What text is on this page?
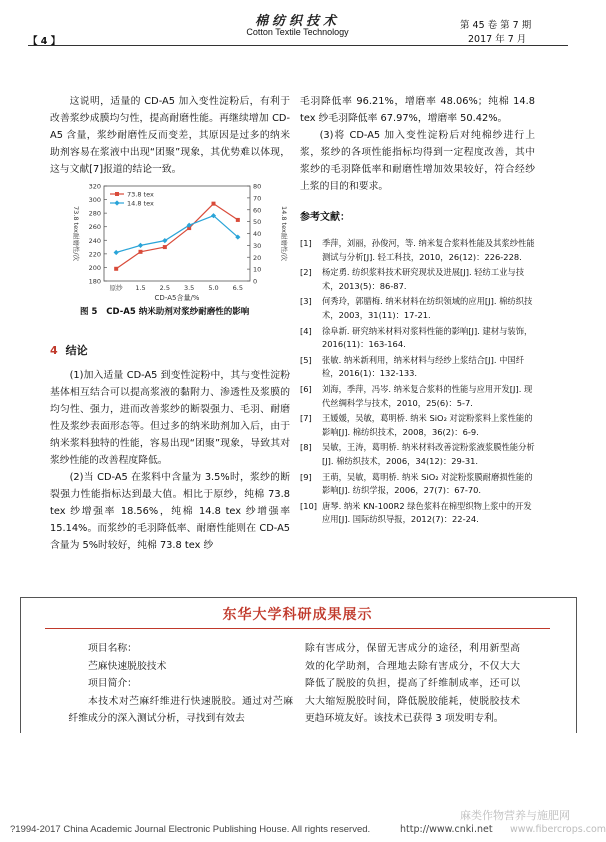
棉纺织技术
Cotton Textile Technology
第 45 卷 第 7 期
2017 年 7 月
【 4 】

这说明，适量的 CD-A5 加入变性淀粉后，有利于改善浆纱成膜均匀性，提高耐磨性能。再继续增加 CD-A5 含量，浆纱耐磨性反而变差，其原因是过多的纳米助剂容易在浆液中出现“团聚”现象，其优势难以体现，这与文献[7]报道的结论一致。

180
200
220
240
260
280
300
320
0
10
20
30
40
50
60
70
80
原纱 1.5 2.5 3.5 5.0 6.5
CD-A5含量/%
73.8 tex耐磨性/次	14.8 tex耐磨性/次
73.8 tex
14.8 tex
图 5 CD-A5 纳米助剂对浆纱耐磨性的影响
4 结论

(1)加入适量 CD-A5 到变性淀粉中，其与变性淀粉基体相互结合可以提高浆液的黏附力、渗透性及浆膜的均匀性、强力，进而改善浆纱的断裂强力、毛羽、耐磨性及浆纱表面形态等。但过多的纳米助剂加入后，由于纳米浆料独特的性能，容易出现“团聚”现象，导致其对浆纱性能的改善程度降低。

(2)当 CD-A5 在浆料中含量为 3.5%时，浆纱的断裂强力性能指标达到最大值。相比于原纱，纯棉 73.8 tex 纱增强率 18.56%，纯棉 14.8 tex 纱增强率 15.14%。而浆纱的毛羽降低率、耐磨性能则在 CD-A5 含量为 5%时较好，纯棉 73.8 tex 纱

毛羽降低率 96.21%，增磨率 48.06%；纯棉 14.8 tex 纱毛羽降低率 67.97%，增磨率 50.42%。

(3)将 CD-A5 加入变性淀粉后对纯棉纱进行上浆，浆纱的各项性能指标均得到一定程度改善，其中浆纱的毛羽降低率和耐磨性增加效果较好，符合经纱上浆的目的和要求。

参考文献：
[1]	季萍，刘丽，孙俊河，等. 纳米复合浆料性能及其浆纱性能测试与分析[J]. 轻工科技，2010，26(12)：226-228.
[2]	杨定勇. 纺织浆料技术研究现状及进展[J]. 轻纺工业与技术，2013(5)：86-87.
[3]	何秀玲，郭腊梅. 纳米材料在纺织领域的应用[J]. 棉纺织技术，2003，31(11)：17-21.
[4]	徐阜新. 研究纳米材料对浆料性能的影响[J]. 建材与装饰，2016(11)：163-164.
[5]	张敏. 纳米新利用，纳米材料与经纱上浆结合[J]. 中国纤检，2016(1)：132-133.
[6]	刘海，季萍，冯岑. 纳米复合浆料的性能与应用开发[J]. 现代丝绸科学与技术，2010，25(6)：5-7.
[7]	王媛媛，吴敏，葛明桥. 纳米 SiO₂ 对淀粉浆料上浆性能的影响[J]. 棉纺织技术，2008，36(2)：6-9.
[8]	吴敏，王涛，葛明桥. 纳米材料改善淀粉浆液浆膜性能分析[J]. 棉纺织技术，2006，34(12)：29-31.
[9]	王萌，吴敏，葛明桥. 纳米 SiO₂ 对淀粉浆膜耐磨损性能的影响[J]. 纺织学报，2006，27(7)：67-70.
[10] 唐琴. 纳米 KN-100R2 绿色浆料在棉型织物上浆中的开发应用[J]. 国际纺织导报，2012(7)：22-24.
东华大学科研成果展示

项目名称：

苎麻快速脱胶技术

项目简介：

本技术对苎麻纤维进行快速脱胶。通过对苎麻纤维成分的深入测试分析，寻找到有效去

除有害成分，保留无害成分的途径，利用新型高效的化学助剂，合理地去除有害成分，不仅大大降低了脱胶的负担，提高了纤维制成率，还可以大大缩短脱胶时间，降低脱胶能耗，使脱胶技术更趋环境友好。该技术已获得 3 项发明专利。

麻类作物营养与施肥网
?1994-2017 China Academic Journal Electronic Publishing House. All rights reserved.	http://www.cnki.net www.fibercrops.com
